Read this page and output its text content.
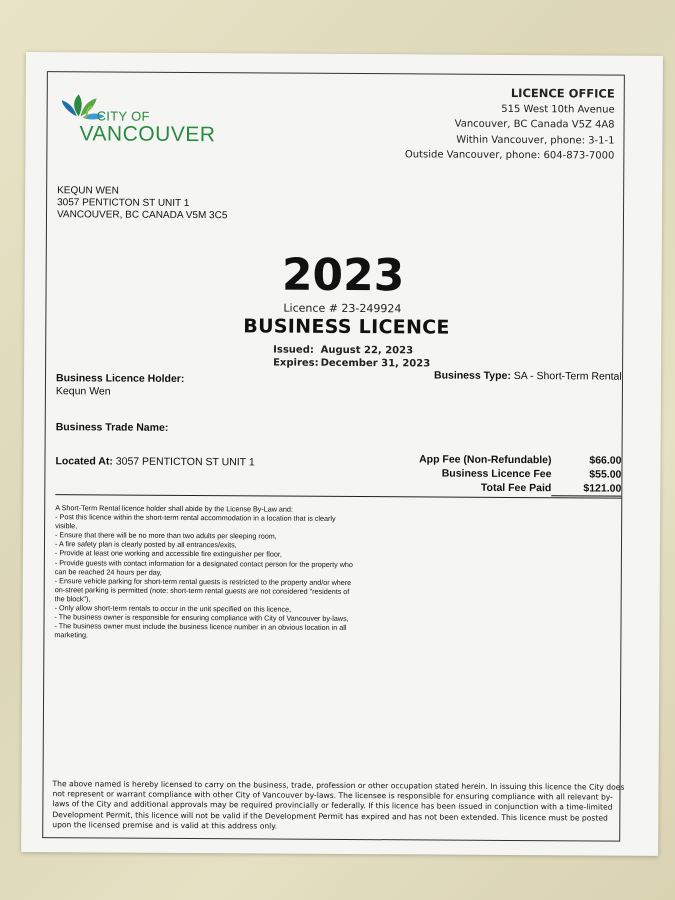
CITY OF
VANCOUVER
LICENCE OFFICE
515 West 10th Avenue
Vancouver, BC Canada V5Z 4A8
Within Vancouver, phone: 3-1-1
Outside Vancouver, phone: 604-873-7000
KEQUN WEN
3057 PENTICTON ST UNIT 1
VANCOUVER, BC CANADA V5M 3C5
2023
Licence # 23-249924
BUSINESS LICENCE
Issued: August 22, 2023
Expires: December 31, 2023
Business Licence Holder:
Kequn Wen
Business Type: SA - Short-Term Rental
Business Trade Name:
Located At: 3057 PENTICTON ST UNIT 1	App Fee (Non-Refundable)	$66.00
Business Licence Fee	$55.00
Total Fee Paid	$121.00
A Short-Term Rental licence holder shall abide by the License By-Law and:
- Post this licence within the short-term rental accommodation in a location that is clearly visible,
- Ensure that there will be no more than two adults per sleeping room,
- A fire safety plan is clearly posted by all entrances/exits,
- Provide at least one working and accessible fire extinguisher per floor,
- Provide guests with contact information for a designated contact person for the property who can be reached 24 hours per day,
- Ensure vehicle parking for short-term rental guests is restricted to the property and/or where on-street parking is permitted (note: short-term rental guests are not considered "residents of the block"),
- Only allow short-term rentals to occur in the unit specified on this licence,
- The business owner is responsible for ensuring compliance with City of Vancouver by-laws,
- The business owner must include the business licence number in an obvious location in all marketing.
The above named is hereby licensed to carry on the business, trade, profession or other occupation stated herein. In issuing this licence the City does not represent or warrant compliance with other City of Vancouver by-laws. The licensee is responsible for ensuring compliance with all relevant by-laws of the City and additional approvals may be required provincially or federally. If this licence has been issued in conjunction with a time-limited Development Permit, this licence will not be valid if the Development Permit has expired and has not been extended. This licence must be posted upon the licensed premise and is valid at this address only.
